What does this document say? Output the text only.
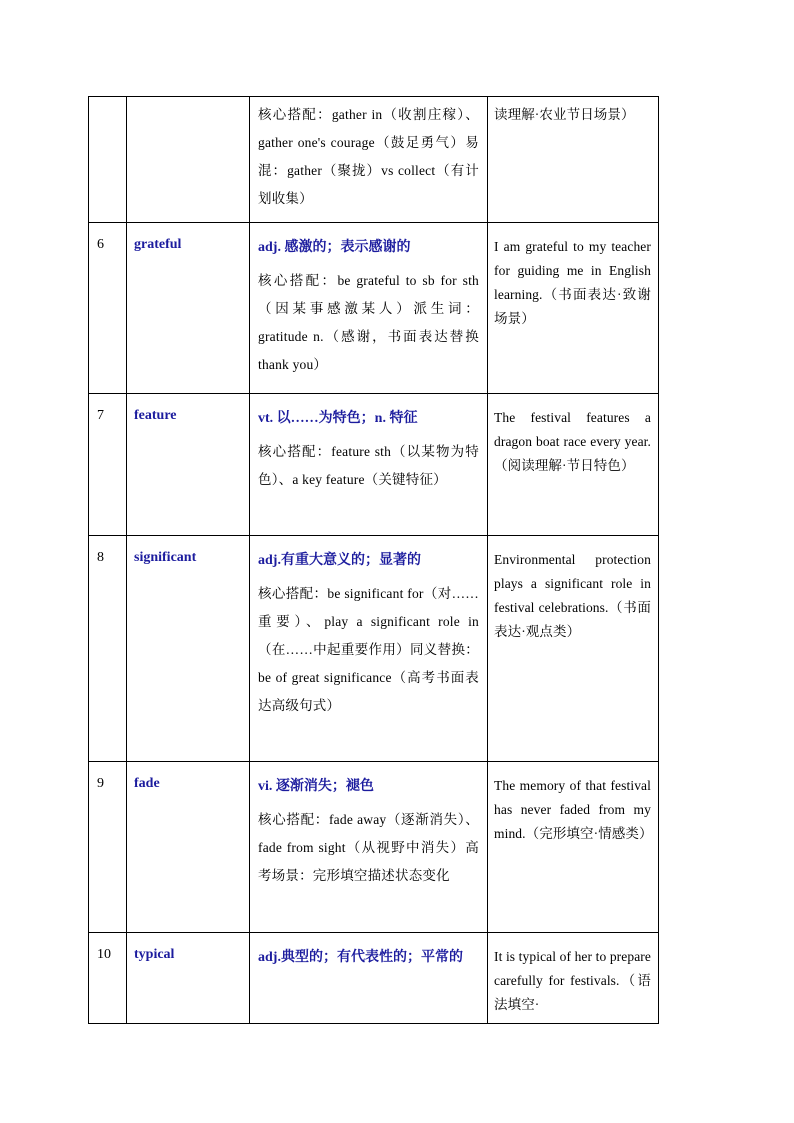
		核心搭配：gather in（收割庄稼）、gather one's courage（鼓足勇气）易混：gather（聚拢）vs collect（有计划收集）	读理解·农业节日场景）

6	grateful	adj. 感激的；表示感谢的
核心搭配：be grateful to sb for sth（因某事感激某人）派生词：gratitude n.（感谢，书面表达替换 thank you）	I am grateful to my teacher for guiding me in English learning.（书面表达·致谢场景）

7	feature	vt. 以……为特色；n. 特征
核心搭配：feature sth（以某物为特色）、a key feature（关键特征）	The festival features a dragon boat race every year.（阅读理解·节日特色）

8	significant	adj.有重大意义的；显著的
核心搭配：be significant for（对……重要）、play a significant role in（在……中起重要作用）同义替换：be of great significance（高考书面表达高级句式）	Environmental protection plays a significant role in festival celebrations.（书面表达·观点类）

9	fade	vi. 逐渐消失；褪色
核心搭配：fade away（逐渐消失）、fade from sight（从视野中消失）高考场景：完形填空描述状态变化	The memory of that festival has never faded from my mind.（完形填空·情感类）

10	typical	adj.典型的；有代表性的；平常的	It is typical of her to prepare carefully for festivals.（语法填空·
